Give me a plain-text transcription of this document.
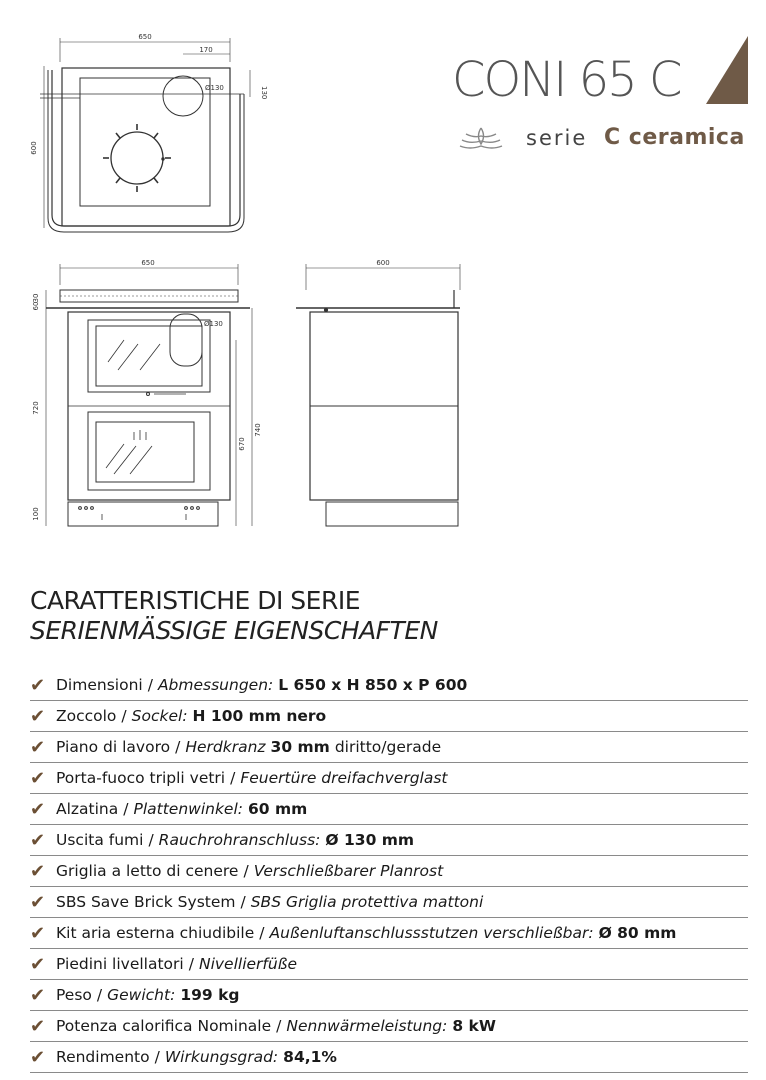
650
170
130
600
Ø130
650
Ø130
30
60
720
100
670
740
600
CONI 65 C
serie C ceramica
CARATTERISTICHE DI SERIE
SERIENMÄSSIGE EIGENSCHAFTEN
✔ Dimensioni / Abmessungen: L 650 x H 850 x P 600
✔ Zoccolo / Sockel: H 100 mm nero
✔ Piano di lavoro / Herdkranz 30 mm diritto/gerade
✔ Porta-fuoco tripli vetri / Feuertüre dreifachverglast
✔ Alzatina / Plattenwinkel: 60 mm
✔ Uscita fumi / Rauchrohranschluss: Ø 130 mm
✔ Griglia a letto di cenere / Verschließbarer Planrost
✔ SBS Save Brick System / SBS Griglia protettiva mattoni
✔ Kit aria esterna chiudibile / Außenluftanschlussstutzen verschließbar: Ø 80 mm
✔ Piedini livellatori / Nivellierfüße
✔ Peso / Gewicht: 199 kg
✔ Potenza calorifica Nominale / Nennwärmeleistung: 8 kW
✔ Rendimento / Wirkungsgrad: 84,1%
